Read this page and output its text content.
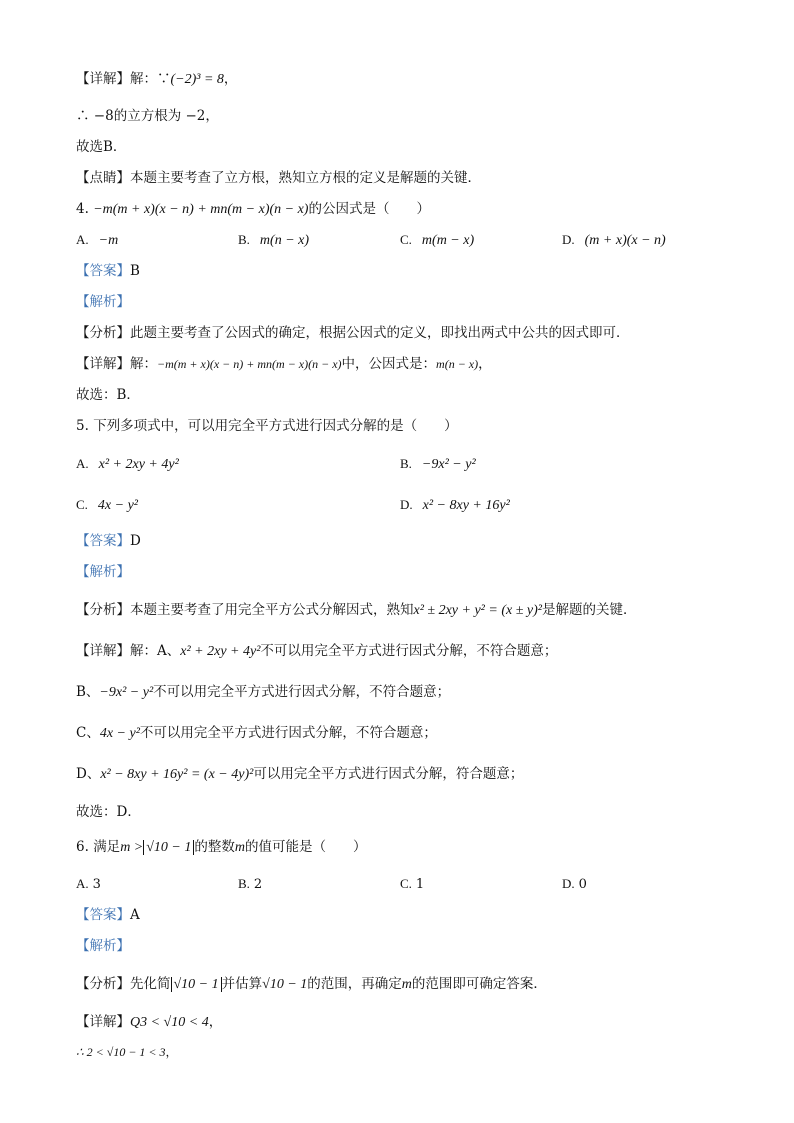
【详解】解：∵(−2)³ = 8，
∴ −8的立方根为 −2，
故选B．
【点睛】本题主要考查了立方根，熟知立方根的定义是解题的关键．
4. −m(m + x)(x − n) + mn(m − x)(n − x)的公因式是（　　）
A. −m	B. m(n − x)	C. m(m − x)	D. (m + x)(x − n)
【答案】B
【解析】
【分析】此题主要考查了公因式的确定，根据公因式的定义，即找出两式中公共的因式即可．
【详解】解：−m(m + x)(x − n) + mn(m − x)(n − x)中，公因式是：m(n − x)，
故选：B．
5. 下列多项式中，可以用完全平方式进行因式分解的是（　　）
A. x² + 2xy + 4y²	B. −9x² − y²
C. 4x − y²	D. x² − 8xy + 16y²
【答案】D
【解析】
【分析】本题主要考查了用完全平方公式分解因式，熟知x² ± 2xy + y² = (x ± y)²是解题的关键．
【详解】解：A、x² + 2xy + 4y²不可以用完全平方式进行因式分解，不符合题意；
B、−9x² − y²不可以用完全平方式进行因式分解，不符合题意；
C、4x − y²不可以用完全平方式进行因式分解，不符合题意；
D、x² − 8xy + 16y² = (x − 4y)²可以用完全平方式进行因式分解，符合题意；
故选：D．
6. 满足m > √10 − 1 的整数m的值可能是（　　）
A. 3	B. 2	C. 1	D. 0
【答案】A
【解析】
【分析】先化简 √10 − 1 并估算√10 − 1的范围，再确定m的范围即可确定答案．
【详解】Q3 < √10 < 4，
∴ 2 < √10 − 1 < 3，
